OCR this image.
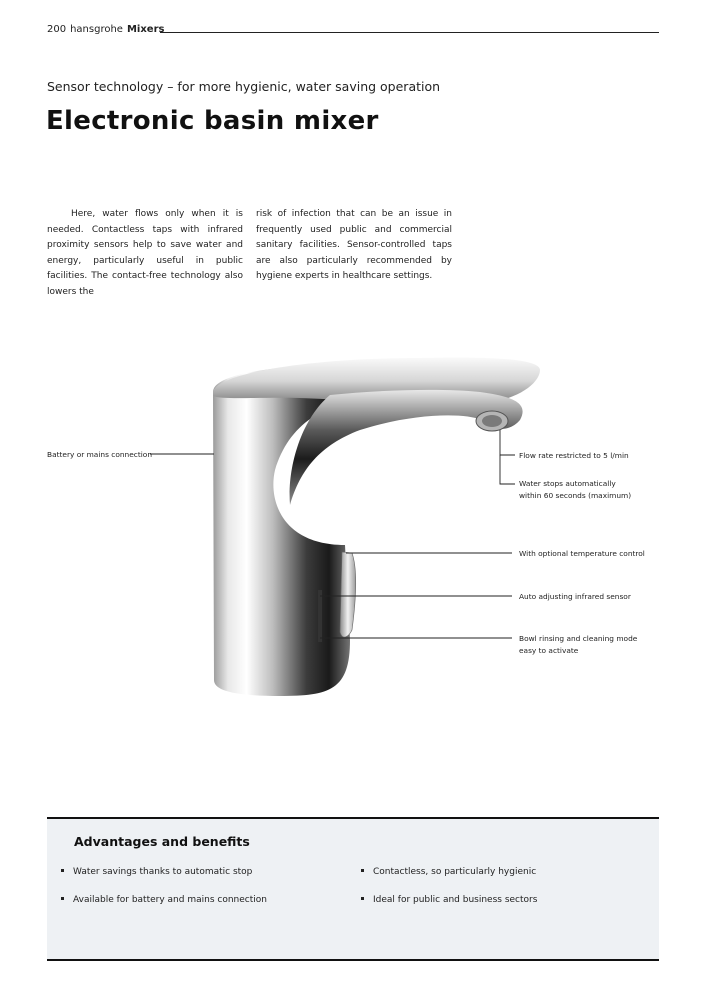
200 hansgrohe Mixers
Sensor technology – for more hygienic, water saving operation
Electronic basin mixer
Here, water flows only when it is needed. Contactless taps with infrared proximity sensors help to save water and energy, particularly useful in public facilities. The contact-free technology also lowers the
risk of infection that can be an issue in frequently used public and commercial sanitary facilities. Sensor-controlled taps are also particularly recommended by hygiene experts in healthcare settings.
Battery or mains connection	Flow rate restricted to 5 l/min
Water stops automatically
within 60 seconds (maximum)
With optional temperature control
Auto adjusting infrared sensor
Bowl rinsing and cleaning mode
easy to activate
Advantages and benefits
Water savings thanks to automatic stop
Available for battery and mains connection
Contactless, so particularly hygienic
Ideal for public and business sectors
